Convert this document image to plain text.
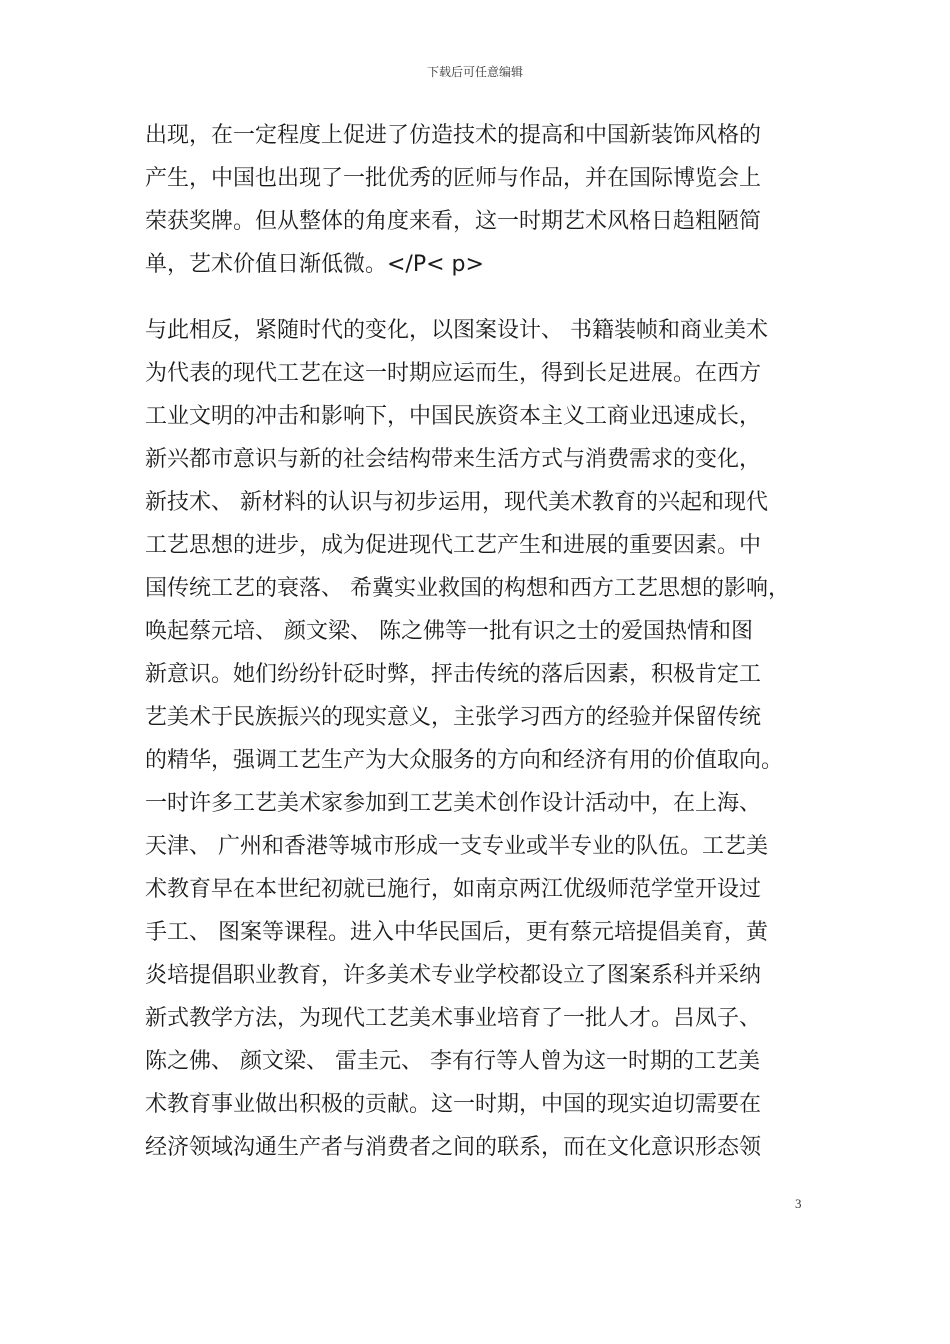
下载后可任意编辑
出现，在一定程度上促进了仿造技术的提高和中国新装饰风格的
产生，中国也出现了一批优秀的匠师与作品，并在国际博览会上
荣获奖牌。但从整体的角度来看，这一时期艺术风格日趋粗陋简
单，艺术价值日渐低微。</P< p>
与此相反，紧随时代的变化，以图案设计、 书籍装帧和商业美术
为代表的现代工艺在这一时期应运而生，得到长足进展。在西方
工业文明的冲击和影响下，中国民族资本主义工商业迅速成长，
新兴都市意识与新的社会结构带来生活方式与消费需求的变化，
新技术、 新材料的认识与初步运用，现代美术教育的兴起和现代
工艺思想的进步，成为促进现代工艺产生和进展的重要因素。中
国传统工艺的衰落、 希冀实业救国的构想和西方工艺思想的影响，
唤起蔡元培、 颜文梁、 陈之佛等一批有识之士的爱国热情和图
新意识。她们纷纷针砭时弊，抨击传统的落后因素，积极肯定工
艺美术于民族振兴的现实意义，主张学习西方的经验并保留传统
的精华，强调工艺生产为大众服务的方向和经济有用的价值取向。
一时许多工艺美术家参加到工艺美术创作设计活动中，在上海、
天津、 广州和香港等城市形成一支专业或半专业的队伍。工艺美
术教育早在本世纪初就已施行，如南京两江优级师范学堂开设过
手工、 图案等课程。进入中华民国后，更有蔡元培提倡美育，黄
炎培提倡职业教育，许多美术专业学校都设立了图案系科并采纳
新式教学方法，为现代工艺美术事业培育了一批人才。吕凤子、
陈之佛、 颜文梁、 雷圭元、 李有行等人曾为这一时期的工艺美
术教育事业做出积极的贡献。这一时期，中国的现实迫切需要在
经济领域沟通生产者与消费者之间的联系，而在文化意识形态领
3
